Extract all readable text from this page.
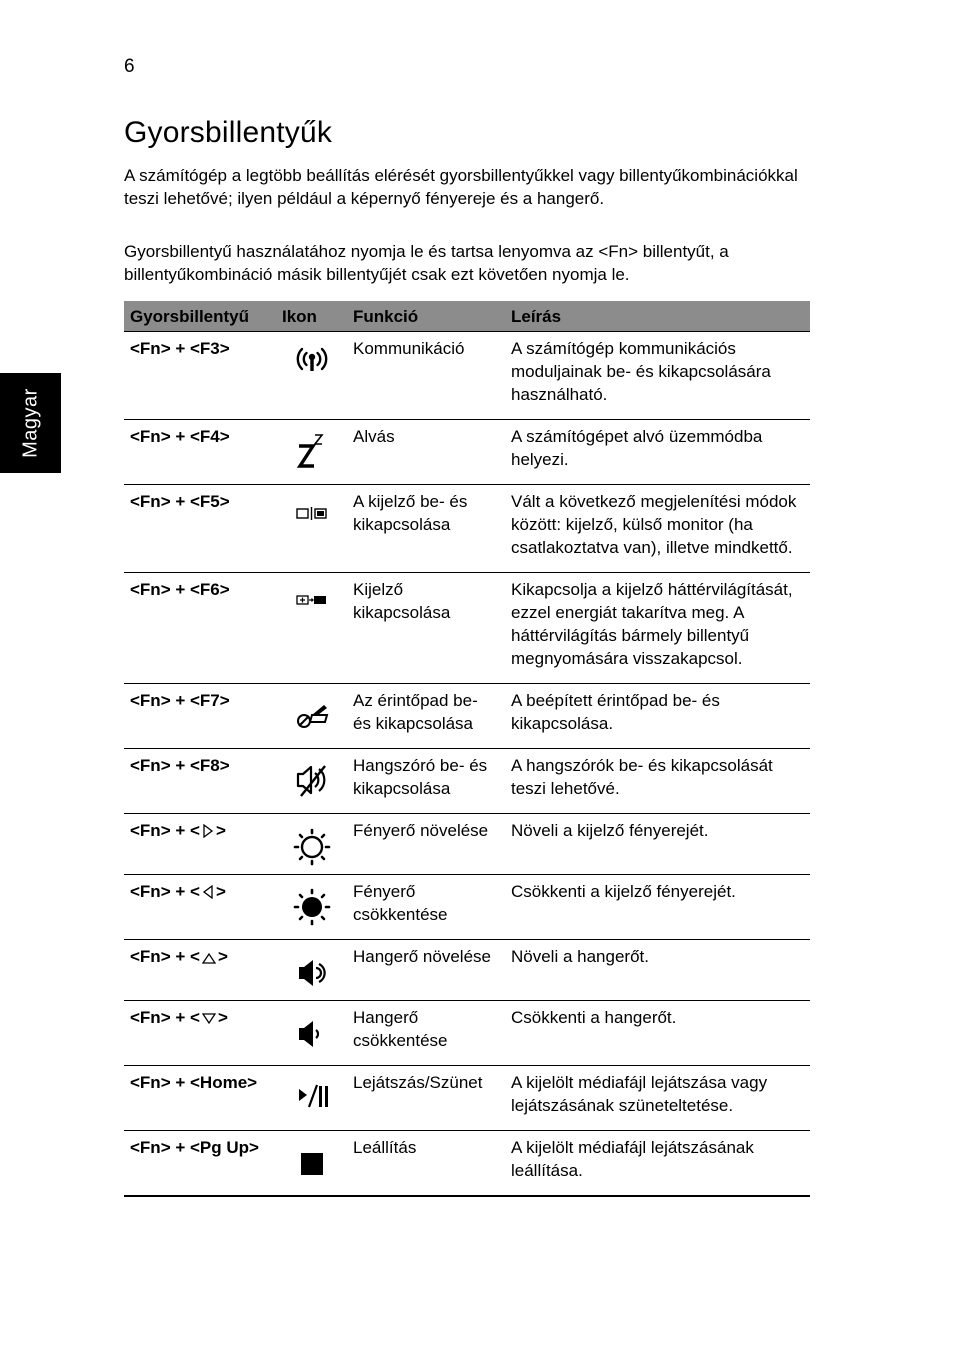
6
Magyar
Gyorsbillentyűk

A számítógép a legtöbb beállítás elérését gyorsbillentyűkkel vagy billentyűkombinációkkal teszi lehetővé; ilyen például a képernyő fényereje és a hangerő.

Gyorsbillentyű használatához nyomja le és tartsa lenyomva az <Fn> billentyűt, a billentyűkombináció másik billentyűjét csak ezt követően nyomja le.

Gyorsbillentyű	Ikon	Funkció	Leírás
<Fn> + <F3>		Kommunikáció	A számítógép kommunikációs moduljainak be- és kikapcsolására használható.
<Fn> + <F4>		Alvás	A számítógépet alvó üzemmódba helyezi.
<Fn> + <F5>		A kijelző be- és kikapcsolása	Vált a következő megjelenítési módok között: kijelző, külső monitor (ha csatlakoztatva van), illetve mindkettő.
<Fn> + <F6>		Kijelző kikapcsolása	Kikapcsolja a kijelző háttérvilágítását, ezzel energiát takarítva meg. A háttérvilágítás bármely billentyű megnyomására visszakapcsol.
<Fn> + <F7>		Az érintőpad be- és kikapcsolása	A beépített érintőpad be- és kikapcsolása.
<Fn> + <F8>		Hangszóró be- és kikapcsolása	A hangszórók be- és kikapcsolását teszi lehetővé.
<Fn> + < >		Fényerő növelése	Növeli a kijelző fényerejét.
<Fn> + < >		Fényerő csökkentése	Csökkenti a kijelző fényerejét.
<Fn> + < >		Hangerő növelése	Növeli a hangerőt.
<Fn> + < >		Hangerő csökkentése	Csökkenti a hangerőt.
<Fn> + <Home>		Lejátszás/Szünet	A kijelölt médiafájl lejátszása vagy lejátszásának szüneteltetése.
<Fn> + <Pg Up>		Leállítás	A kijelölt médiafájl lejátszásának leállítása.
